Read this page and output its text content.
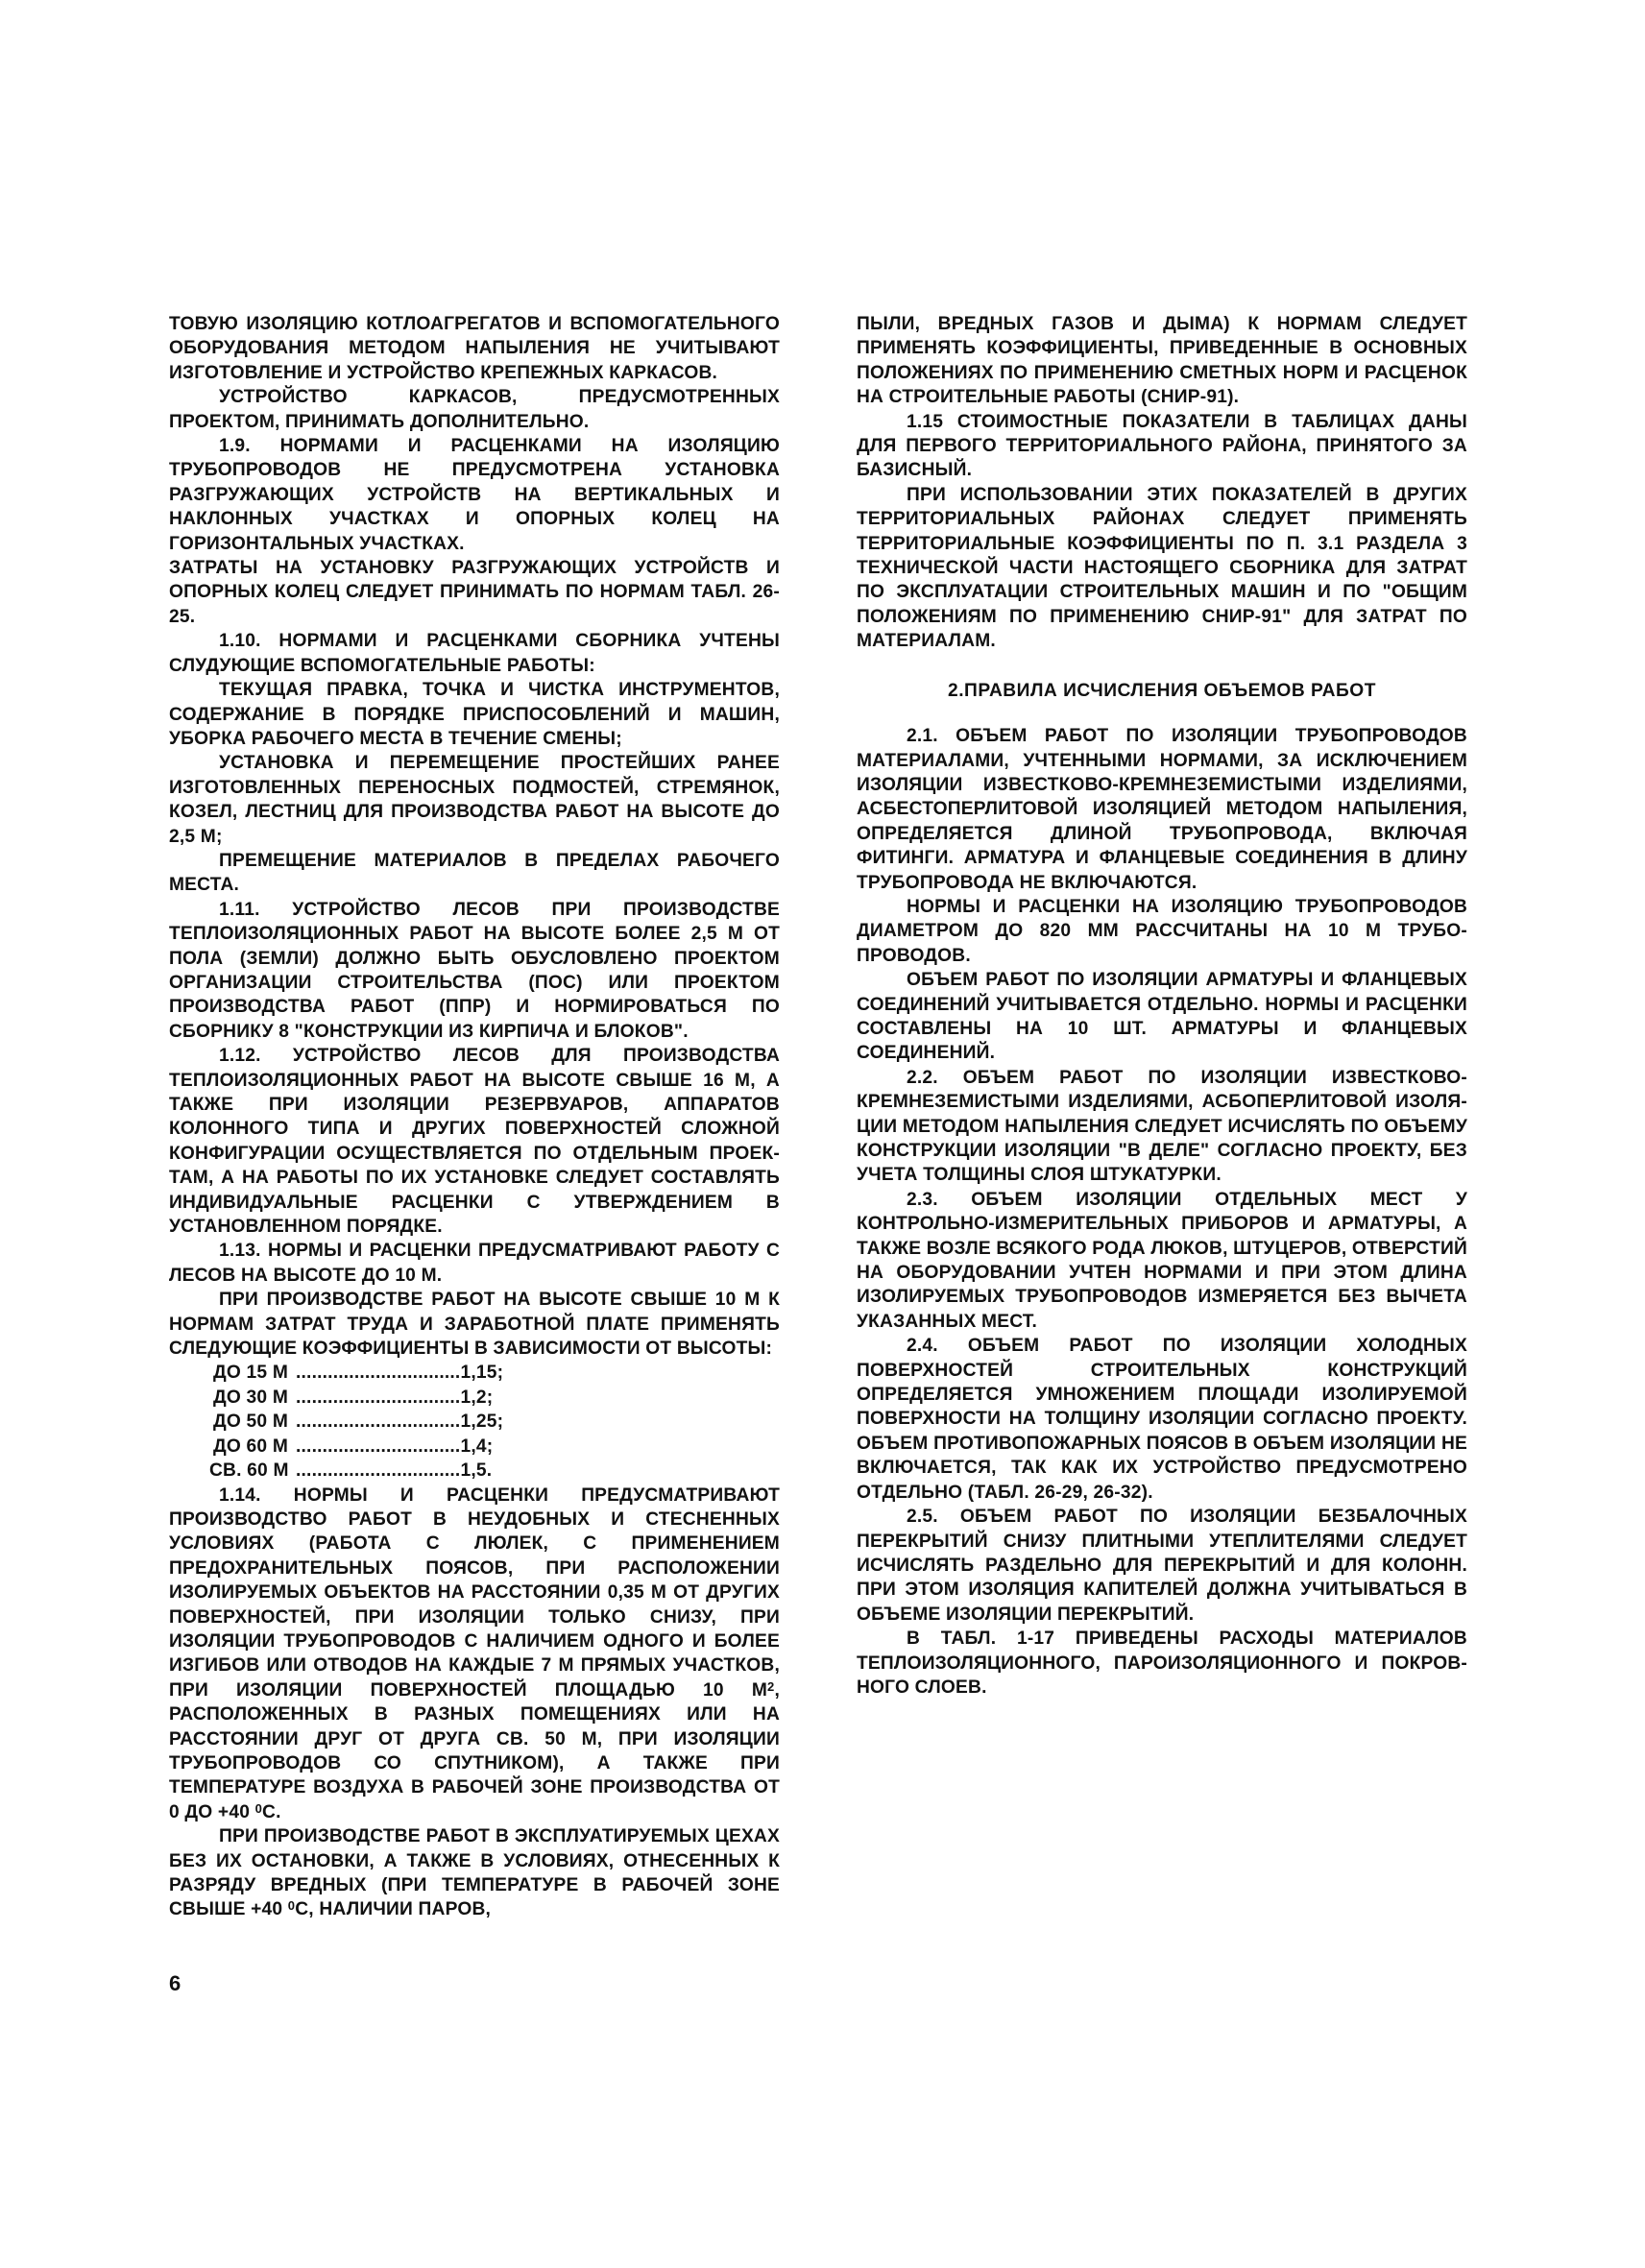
ТОВУЮ ИЗОЛЯЦИЮ КОТЛОАГРЕГАТОВ И ВСПОМОГАТЕЛЬНОГО ОБОРУДОВАНИЯ МЕТОДОМ НАПЫЛЕНИЯ НЕ УЧИТЫВАЮТ ИЗГОТОВЛЕНИЕ И УСТРОЙСТВО КРЕПЕЖНЫХ КАРКАСОВ.

УСТРОЙСТВО КАРКАСОВ, ПРЕДУСМОТРЕННЫХ ПРОЕКТОМ, ПРИНИМАТЬ ДОПОЛНИТЕЛЬНО.

1.9. НОРМАМИ И РАСЦЕНКАМИ НА ИЗОЛЯЦИЮ ТРУБОПРОВОДОВ НЕ ПРЕДУСМОТРЕНА УСТАНОВКА РАЗГРУЖАЮЩИХ УСТРОЙСТВ НА ВЕРТИКАЛЬНЫХ И НАКЛОННЫХ УЧАСТКАХ И ОПОРНЫХ КОЛЕЦ НА ГОРИЗОНТАЛЬНЫХ УЧАСТКАХ.

ЗАТРАТЫ НА УСТАНОВКУ РАЗГРУЖАЮЩИХ УСТРОЙСТВ И ОПОРНЫХ КОЛЕЦ СЛЕДУЕТ ПРИНИМАТЬ ПО НОРМАМ ТАБЛ. 26-25.

1.10. НОРМАМИ И РАСЦЕНКАМИ СБОРНИКА УЧТЕНЫ СЛУДУЮЩИЕ ВСПОМОГАТЕЛЬНЫЕ РАБОТЫ:

ТЕКУЩАЯ ПРАВКА, ТОЧКА И ЧИСТКА ИНСТРУМЕНТОВ, СОДЕРЖАНИЕ В ПОРЯДКЕ ПРИСПОСОБЛЕНИЙ И МАШИН, УБОРКА РАБОЧЕГО МЕСТА В ТЕЧЕНИЕ СМЕНЫ;

УСТАНОВКА И ПЕРЕМЕЩЕНИЕ ПРОСТЕЙШИХ РАНЕЕ ИЗГОТОВЛЕННЫХ ПЕРЕНОСНЫХ ПОДМОСТЕЙ, СТРЕМЯНОК, КОЗЕЛ, ЛЕСТНИЦ ДЛЯ ПРОИЗВОДСТВА РАБОТ НА ВЫСОТЕ ДО 2,5 М;

ПРЕМЕЩЕНИЕ МАТЕРИАЛОВ В ПРЕДЕЛАХ РАБОЧЕГО МЕСТА.

1.11. УСТРОЙСТВО ЛЕСОВ ПРИ ПРОИЗВОДСТВЕ ТЕПЛОИЗОЛЯЦИОННЫХ РАБОТ НА ВЫСОТЕ БОЛЕЕ 2,5 М ОТ ПОЛА (ЗЕМЛИ) ДОЛЖНО БЫТЬ ОБУСЛОВЛЕНО ПРОЕКТОМ ОРГАНИЗАЦИИ СТРОИТЕЛЬСТВА (ПОС) ИЛИ ПРОЕКТОМ ПРОИЗВОДСТВА РАБОТ (ППР) И НОРМИРОВАТЬСЯ ПО СБОРНИКУ 8 "КОНСТРУКЦИИ ИЗ КИРПИЧА И БЛОКОВ".

1.12. УСТРОЙСТВО ЛЕСОВ ДЛЯ ПРОИЗВОДСТВА ТЕПЛОИЗОЛЯЦИОННЫХ РАБОТ НА ВЫСОТЕ СВЫШЕ 16 М, А ТАКЖЕ ПРИ ИЗОЛЯЦИИ РЕЗЕРВУАРОВ, АППАРАТОВ КОЛОННОГО ТИПА И ДРУГИХ ПОВЕРХНОСТЕЙ СЛОЖНОЙ КОНФИГУРАЦИИ ОСУЩЕСТВЛЯЕТСЯ ПО ОТДЕЛЬНЫМ ПРОЕК-ТАМ, А НА РАБОТЫ ПО ИХ УСТАНОВКЕ СЛЕДУЕТ СОСТАВЛЯТЬ ИНДИВИДУАЛЬНЫЕ РАСЦЕНКИ С УТВЕРЖДЕНИЕМ В УСТАНОВЛЕННОМ ПОРЯДКЕ.

1.13. НОРМЫ И РАСЦЕНКИ ПРЕДУСМАТРИВАЮТ РАБОТУ С ЛЕСОВ НА ВЫСОТЕ ДО 10 М.

ПРИ ПРОИЗВОДСТВЕ РАБОТ НА ВЫСОТЕ СВЫШЕ 10 М К НОРМАМ ЗАТРАТ ТРУДА И ЗАРАБОТНОЙ ПЛАТЕ ПРИМЕНЯТЬ СЛЕДУЮЩИЕ КОЭФФИЦИЕНТЫ В ЗАВИСИМОСТИ ОТ ВЫСОТЫ:

ДО 15 М ............................... 1,15;
ДО 30 М ............................... 1,2;
ДО 50 М ............................... 1,25;
ДО 60 М ............................... 1,4;
СВ. 60 М ............................... 1,5.

1.14. НОРМЫ И РАСЦЕНКИ ПРЕДУСМАТРИВАЮТ ПРОИЗВОДСТВО РАБОТ В НЕУДОБНЫХ И СТЕСНЕННЫХ УСЛОВИЯХ (РАБОТА С ЛЮЛЕК, С ПРИМЕНЕНИЕМ ПРЕДОХРАНИТЕЛЬНЫХ ПОЯСОВ, ПРИ РАСПОЛОЖЕНИИ ИЗОЛИРУЕМЫХ ОБЪЕКТОВ НА РАССТОЯНИИ 0,35 М ОТ ДРУГИХ ПОВЕРХНОСТЕЙ, ПРИ ИЗОЛЯЦИИ ТОЛЬКО СНИЗУ, ПРИ ИЗОЛЯЦИИ ТРУБОПРОВОДОВ С НАЛИЧИЕМ ОДНОГО И БОЛЕЕ ИЗГИБОВ ИЛИ ОТВОДОВ НА КАЖДЫЕ 7 М ПРЯМЫХ УЧАСТКОВ, ПРИ ИЗОЛЯЦИИ ПОВЕРХНОСТЕЙ ПЛОЩАДЬЮ 10 $М^2$, РАСПОЛОЖЕННЫХ В РАЗНЫХ ПОМЕЩЕНИЯХ ИЛИ НА РАССТОЯНИИ ДРУГ ОТ ДРУГА СВ. 50 М, ПРИ ИЗОЛЯЦИИ ТРУБОПРОВОДОВ СО СПУТНИКОМ), А ТАКЖЕ ПРИ ТЕМПЕРАТУРЕ ВОЗДУХА В РАБОЧЕЙ ЗОНЕ ПРОИЗВОДСТВА ОТ 0 ДО +40 $^0$С.

ПРИ ПРОИЗВОДСТВЕ РАБОТ В ЭКСПЛУАТИРУЕМЫХ ЦЕХАХ БЕЗ ИХ ОСТАНОВКИ, А ТАКЖЕ В УСЛОВИЯХ, ОТНЕСЕННЫХ К РАЗРЯДУ ВРЕДНЫХ (ПРИ ТЕМПЕРАТУРЕ В РАБОЧЕЙ ЗОНЕ СВЫШЕ +40 $^0$С, НАЛИЧИИ ПАРОВ,

ПЫЛИ, ВРЕДНЫХ ГАЗОВ И ДЫМА) К НОРМАМ СЛЕДУЕТ ПРИМЕНЯТЬ КОЭФФИЦИЕНТЫ, ПРИВЕДЕННЫЕ В ОСНОВНЫХ ПОЛОЖЕНИЯХ ПО ПРИМЕНЕНИЮ СМЕТНЫХ НОРМ И РАСЦЕНОК НА СТРОИТЕЛЬНЫЕ РАБОТЫ (СНИР-91).

1.15 СТОИМОСТНЫЕ ПОКАЗАТЕЛИ В ТАБЛИЦАХ ДАНЫ ДЛЯ ПЕРВОГО ТЕРРИТОРИАЛЬНОГО РАЙОНА, ПРИНЯТОГО ЗА БАЗИСНЫЙ.

ПРИ ИСПОЛЬЗОВАНИИ ЭТИХ ПОКАЗАТЕЛЕЙ В ДРУГИХ ТЕРРИТОРИАЛЬНЫХ РАЙОНАХ СЛЕДУЕТ ПРИМЕНЯТЬ ТЕРРИТОРИАЛЬНЫЕ КОЭФФИЦИЕНТЫ ПО П. 3.1 РАЗДЕЛА 3 ТЕХНИЧЕСКОЙ ЧАСТИ НАСТОЯЩЕГО СБОРНИКА ДЛЯ ЗАТРАТ ПО ЭКСПЛУАТАЦИИ СТРОИТЕЛЬНЫХ МАШИН И ПО "ОБЩИМ ПОЛОЖЕНИЯМ ПО ПРИМЕНЕНИЮ СНИР-91" ДЛЯ ЗАТРАТ ПО МАТЕРИАЛАМ.

2.ПРАВИЛА ИСЧИСЛЕНИЯ ОБЪЕМОВ РАБОТ

2.1. ОБЪЕМ РАБОТ ПО ИЗОЛЯЦИИ ТРУБОПРОВОДОВ МАТЕРИАЛАМИ, УЧТЕННЫМИ НОРМАМИ, ЗА ИСКЛЮЧЕНИЕМ ИЗОЛЯЦИИ ИЗВЕСТКОВО-КРЕМНЕЗЕМИСТЫМИ ИЗДЕЛИЯМИ, АСБЕСТОПЕРЛИТОВОЙ ИЗОЛЯЦИЕЙ МЕТОДОМ НАПЫЛЕНИЯ, ОПРЕДЕЛЯЕТСЯ ДЛИНОЙ ТРУБОПРОВОДА, ВКЛЮЧАЯ ФИТИНГИ. АРМАТУРА И ФЛАНЦЕВЫЕ СОЕДИНЕНИЯ В ДЛИНУ ТРУБОПРОВОДА НЕ ВКЛЮЧАЮТСЯ.

НОРМЫ И РАСЦЕНКИ НА ИЗОЛЯЦИЮ ТРУБОПРОВОДОВ ДИАМЕТРОМ ДО 820 ММ РАССЧИТАНЫ НА 10 М ТРУБО-ПРОВОДОВ.

ОБЪЕМ РАБОТ ПО ИЗОЛЯЦИИ АРМАТУРЫ И ФЛАНЦЕВЫХ СОЕДИНЕНИЙ УЧИТЫВАЕТСЯ ОТДЕЛЬНО. НОРМЫ И РАСЦЕНКИ СОСТАВЛЕНЫ НА 10 ШТ. АРМАТУРЫ И ФЛАНЦЕВЫХ СОЕДИНЕНИЙ.

2.2. ОБЪЕМ РАБОТ ПО ИЗОЛЯЦИИ ИЗВЕСТКОВО-КРЕМНЕЗЕМИСТЫМИ ИЗДЕЛИЯМИ, АСБОПЕРЛИТОВОЙ ИЗОЛЯ-ЦИИ МЕТОДОМ НАПЫЛЕНИЯ СЛЕДУЕТ ИСЧИСЛЯТЬ ПО ОБЪЕМУ КОНСТРУКЦИИ ИЗОЛЯЦИИ "В ДЕЛЕ" СОГЛАСНО ПРОЕКТУ, БЕЗ УЧЕТА ТОЛЩИНЫ СЛОЯ ШТУКАТУРКИ.

2.3. ОБЪЕМ ИЗОЛЯЦИИ ОТДЕЛЬНЫХ МЕСТ У КОНТРОЛЬНО-ИЗМЕРИТЕЛЬНЫХ ПРИБОРОВ И АРМАТУРЫ, А ТАКЖЕ ВОЗЛЕ ВСЯКОГО РОДА ЛЮКОВ, ШТУЦЕРОВ, ОТВЕРСТИЙ НА ОБОРУДОВАНИИ УЧТЕН НОРМАМИ И ПРИ ЭТОМ ДЛИНА ИЗОЛИРУЕМЫХ ТРУБОПРОВОДОВ ИЗМЕРЯЕТСЯ БЕЗ ВЫЧЕТА УКАЗАННЫХ МЕСТ.

2.4. ОБЪЕМ РАБОТ ПО ИЗОЛЯЦИИ ХОЛОДНЫХ ПОВЕРХНОСТЕЙ СТРОИТЕЛЬНЫХ КОНСТРУКЦИЙ ОПРЕДЕЛЯЕТСЯ УМНОЖЕНИЕМ ПЛОЩАДИ ИЗОЛИРУЕМОЙ ПОВЕРХНОСТИ НА ТОЛЩИНУ ИЗОЛЯЦИИ СОГЛАСНО ПРОЕКТУ. ОБЪЕМ ПРОТИВОПОЖАРНЫХ ПОЯСОВ В ОБЪЕМ ИЗОЛЯЦИИ НЕ ВКЛЮЧАЕТСЯ, ТАК КАК ИХ УСТРОЙСТВО ПРЕДУСМОТРЕНО ОТДЕЛЬНО (ТАБЛ. 26-29, 26-32).

2.5. ОБЪЕМ РАБОТ ПО ИЗОЛЯЦИИ БЕЗБАЛОЧНЫХ ПЕРЕКРЫТИЙ СНИЗУ ПЛИТНЫМИ УТЕПЛИТЕЛЯМИ СЛЕДУЕТ ИСЧИСЛЯТЬ РАЗДЕЛЬНО ДЛЯ ПЕРЕКРЫТИЙ И ДЛЯ КОЛОНН. ПРИ ЭТОМ ИЗОЛЯЦИЯ КАПИТЕЛЕЙ ДОЛЖНА УЧИТЫВАТЬСЯ В ОБЪЕМЕ ИЗОЛЯЦИИ ПЕРЕКРЫТИЙ.

В ТАБЛ. 1-17 ПРИВЕДЕНЫ РАСХОДЫ МАТЕРИАЛОВ ТЕПЛОИЗОЛЯЦИОННОГО, ПАРОИЗОЛЯЦИОННОГО И ПОКРОВ-НОГО СЛОЕВ.

6
